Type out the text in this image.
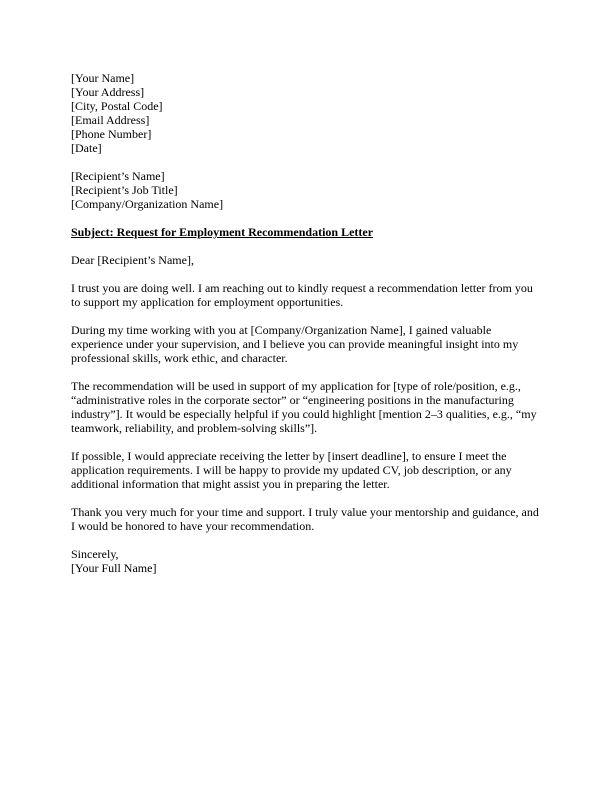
[Your Name]
[Your Address]
[City, Postal Code]
[Email Address]
[Phone Number]
[Date]
[Recipient’s Name]
[Recipient’s Job Title]
[Company/Organization Name]
Subject: Request for Employment Recommendation Letter
Dear [Recipient’s Name],

I trust you are doing well. I am reaching out to kindly request a recommendation letter from you to support my application for employment opportunities.

During my time working with you at [Company/Organization Name], I gained valuable experience under your supervision, and I believe you can provide meaningful insight into my professional skills, work ethic, and character.

The recommendation will be used in support of my application for [type of role/position, e.g., “administrative roles in the corporate sector” or “engineering positions in the manufacturing industry”]. It would be especially helpful if you could highlight [mention 2–3 qualities, e.g., “my teamwork, reliability, and problem-solving skills”].

If possible, I would appreciate receiving the letter by [insert deadline], to ensure I meet the application requirements. I will be happy to provide my updated CV, job description, or any additional information that might assist you in preparing the letter.

Thank you very much for your time and support. I truly value your mentorship and guidance, and I would be honored to have your recommendation.

Sincerely,
[Your Full Name]
